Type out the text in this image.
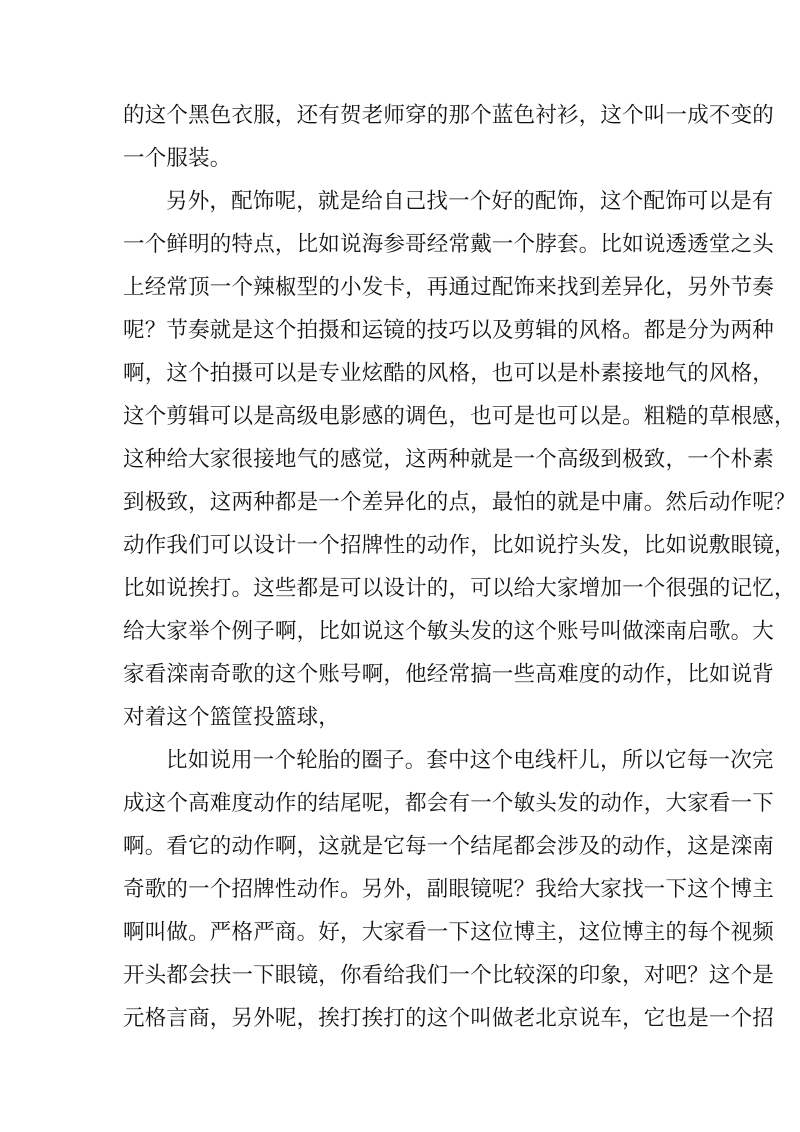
的这个黑色衣服，还有贺老师穿的那个蓝色衬衫，这个叫一成不变的
一个服装。
另外，配饰呢，就是给自己找一个好的配饰，这个配饰可以是有
一个鲜明的特点，比如说海参哥经常戴一个脖套。比如说透透堂之头
上经常顶一个辣椒型的小发卡，再通过配饰来找到差异化，另外节奏
呢？节奏就是这个拍摄和运镜的技巧以及剪辑的风格。都是分为两种
啊，这个拍摄可以是专业炫酷的风格，也可以是朴素接地气的风格，
这个剪辑可以是高级电影感的调色，也可是也可以是。粗糙的草根感，
这种给大家很接地气的感觉，这两种就是一个高级到极致，一个朴素
到极致，这两种都是一个差异化的点，最怕的就是中庸。然后动作呢？
动作我们可以设计一个招牌性的动作，比如说拧头发，比如说敷眼镜，
比如说挨打。这些都是可以设计的，可以给大家增加一个很强的记忆，
给大家举个例子啊，比如说这个敏头发的这个账号叫做滦南启歌。大
家看滦南奇歌的这个账号啊，他经常搞一些高难度的动作，比如说背
对着这个篮筐投篮球，
比如说用一个轮胎的圈子。套中这个电线杆儿，所以它每一次完
成这个高难度动作的结尾呢，都会有一个敏头发的动作，大家看一下
啊。看它的动作啊，这就是它每一个结尾都会涉及的动作，这是滦南
奇歌的一个招牌性动作。另外，副眼镜呢？我给大家找一下这个博主
啊叫做。严格严商。好，大家看一下这位博主，这位博主的每个视频
开头都会扶一下眼镜，你看给我们一个比较深的印象，对吧？这个是
元格言商，另外呢，挨打挨打的这个叫做老北京说车，它也是一个招
